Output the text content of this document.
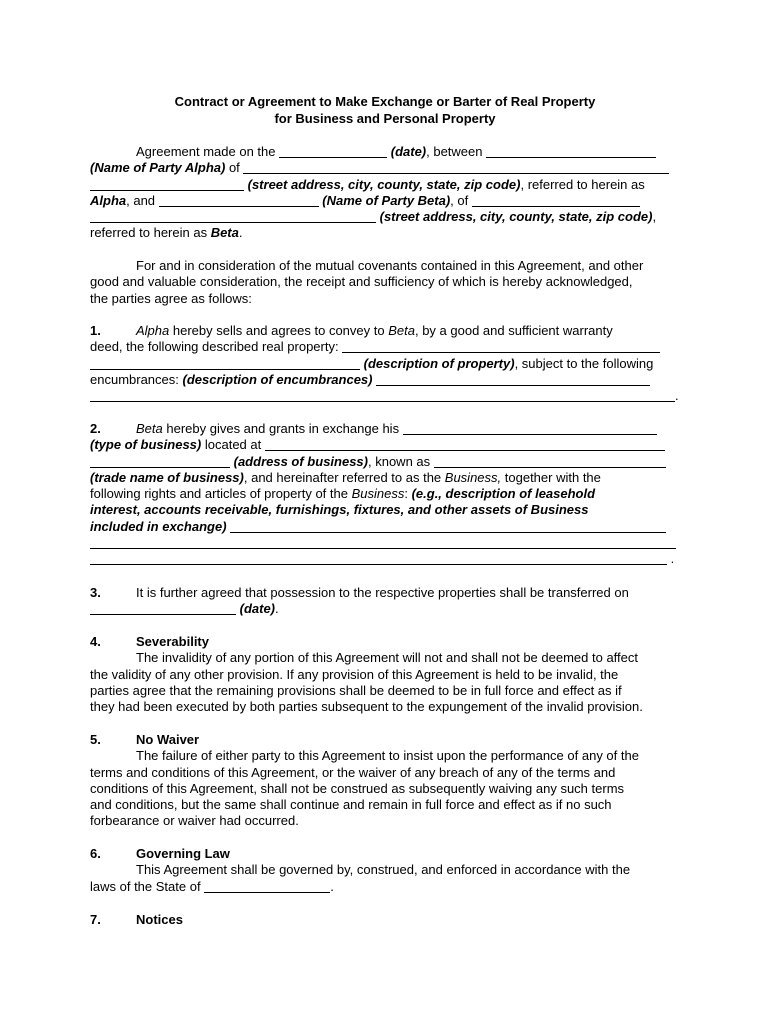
Contract or Agreement to Make Exchange or Barter of Real Property
for Business and Personal Property
Agreement made on the	(date), between
(Name of Party Alpha) of
(street address, city, county, state, zip code), referred to herein as
Alpha, and	(Name of Party Beta), of
(street address, city, county, state, zip code),
referred to herein as Beta.
For and in consideration of the mutual covenants contained in this Agreement, and other
good and valuable consideration, the receipt and sufficiency of which is hereby acknowledged,
the parties agree as follows:
1.	Alpha hereby sells and agrees to convey to Beta, by a good and sufficient warranty
deed, the following described real property:
(description of property), subject to the following
encumbrances: (description of encumbrances)
.
2.	Beta hereby gives and grants in exchange his
(type of business) located at
(address of business), known as
(trade name of business), and hereinafter referred to as the Business, together with the
following rights and articles of property of the Business: (e.g., description of leasehold
interest, accounts receivable, furnishings, fixtures, and other assets of Business
included in exchange)
.
3.	It is further agreed that possession to the respective properties shall be transferred on
(date).
4.	Severability
The invalidity of any portion of this Agreement will not and shall not be deemed to affect
the validity of any other provision. If any provision of this Agreement is held to be invalid, the
parties agree that the remaining provisions shall be deemed to be in full force and effect as if
they had been executed by both parties subsequent to the expungement of the invalid provision.
5.	No Waiver
The failure of either party to this Agreement to insist upon the performance of any of the
terms and conditions of this Agreement, or the waiver of any breach of any of the terms and
conditions of this Agreement, shall not be construed as subsequently waiving any such terms
and conditions, but the same shall continue and remain in full force and effect as if no such
forbearance or waiver had occurred.
6.	Governing Law
This Agreement shall be governed by, construed, and enforced in accordance with the
laws of the State of	.
7.	Notices
